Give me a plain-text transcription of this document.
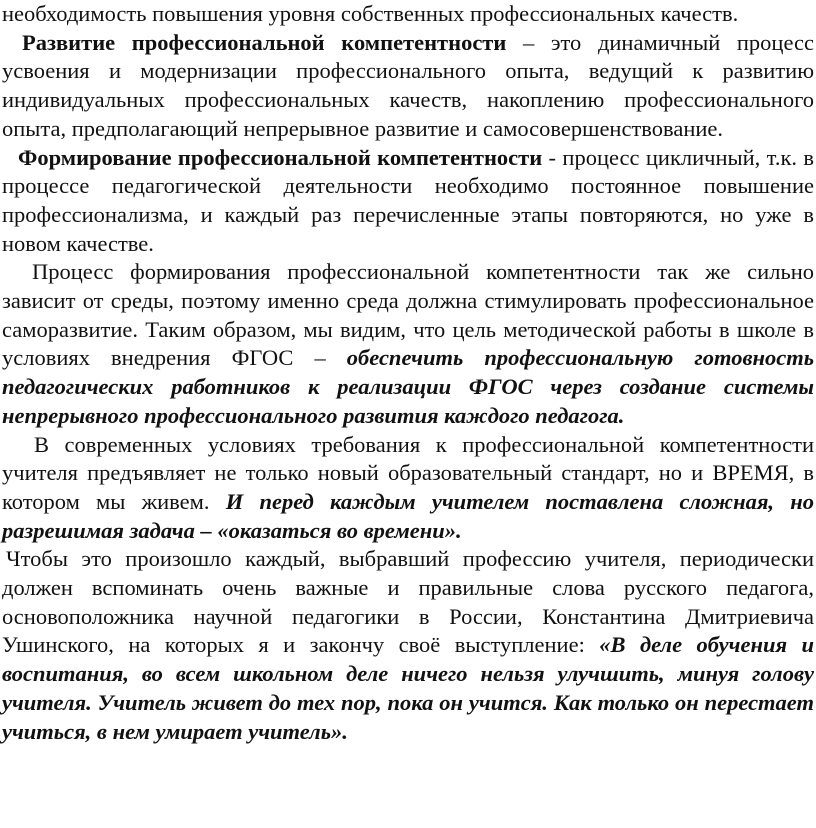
необходимость повышения уровня собственных профессиональных качеств.

Развитие профессиональной компетентности – это динамичный процесс усвоения и модернизации профессионального опыта, ведущий к развитию индивидуальных профессиональных качеств, накоплению профессионального опыта, предполагающий непрерывное развитие и самосовершенствование.

Формирование профессиональной компетентности - процесс цикличный, т.к. в процессе педагогической деятельности необходимо постоянное повышение профессионализма, и каждый раз перечисленные этапы повторяются, но уже в новом качестве.

Процесс формирования профессиональной компетентности так же сильно зависит от среды, поэтому именно среда должна стимулировать профессиональное саморазвитие. Таким образом, мы видим, что цель методической работы в школе в условиях внедрения ФГОС – обеспечить профессиональную готовность педагогических работников к реализации ФГОС через создание системы непрерывного профессионального развития каждого педагога.

В современных условиях требования к профессиональной компетентности учителя предъявляет не только новый образовательный стандарт, но и ВРЕМЯ, в котором мы живем. И перед каждым учителем поставлена сложная, но разрешимая задача – «оказаться во времени».

Чтобы это произошло каждый, выбравший профессию учителя, периодически должен вспоминать очень важные и правильные слова русского педагога, основоположника научной педагогики в России, Константина Дмитриевича Ушинского, на которых я и закончу своё выступление: «В деле обучения и воспитания, во всем школьном деле ничего нельзя улучшить, минуя голову учителя. Учитель живет до тех пор, пока он учится. Как только он перестает учиться, в нем умирает учитель».
